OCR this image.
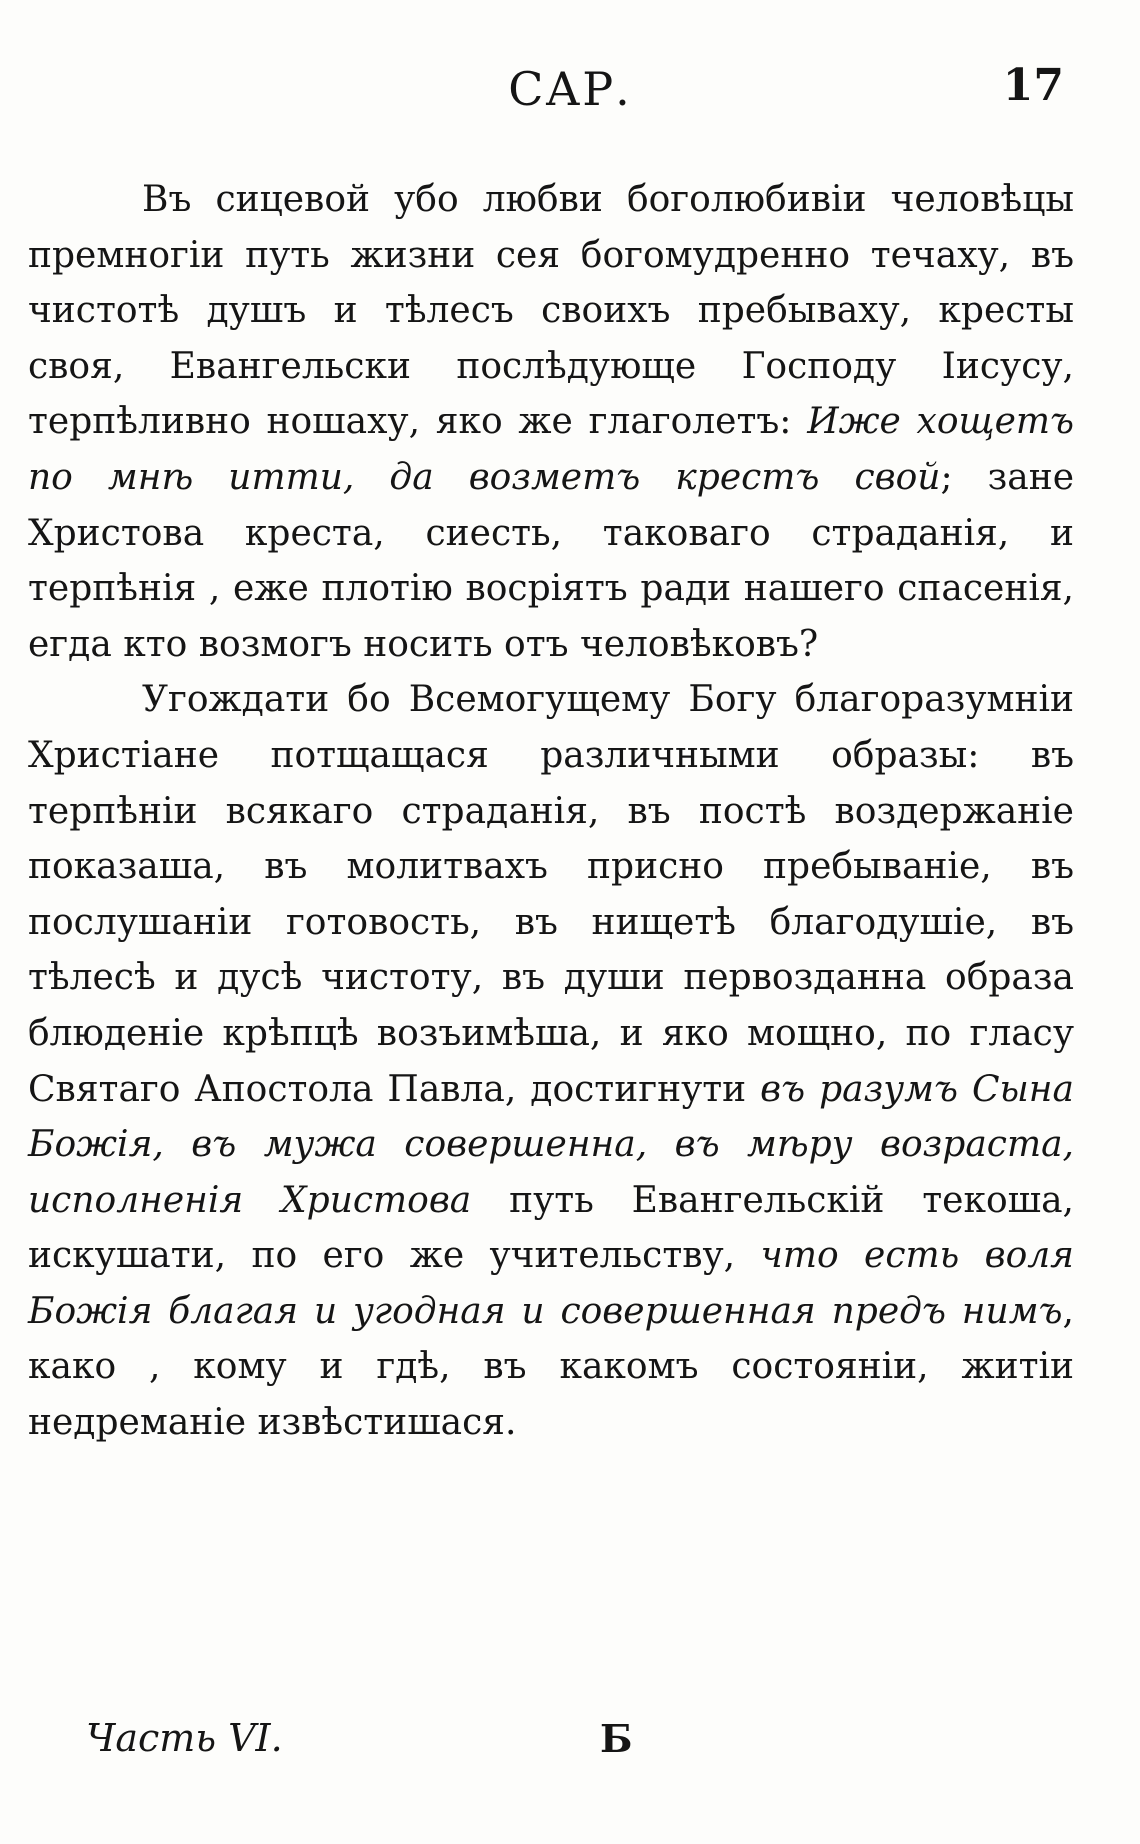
САР.	17

Въ сицевой убо любви боголюбивіи человѣцы премногіи путь жизни сея богомудренно течаху, въ чистотѣ душъ и тѣлесъ своихъ пребываху, кресты своя, Евангельски послѣдующе Господу Іисусу, терпѣливно ношаху, яко же глаголетъ: Иже хощетъ по мнѣ итти, да возметъ крестъ свой; зане Христова креста, сиесть, таковаго страданія, и терпѣнія , еже плотію восріятъ ради нашего спасенія, егда кто возмогъ носить отъ человѣковъ?

Угождати бо Всемогущему Богу благоразумніи Христіане потщащася различными образы: въ терпѣніи всякаго страданія, въ постѣ воздержаніе показаша, въ молитвахъ присно пребываніе, въ послушаніи готовость, въ нищетѣ благодушіе, въ тѣлесѣ и дусѣ чистоту, въ души первозданна образа блюденіе крѣпцѣ возъимѣша, и яко мощно, по гласу Святаго Апостола Павла, достигнути въ разумъ Сына Божія, въ мужа совершенна, въ мѣру возраста, исполненія Христова путь Евангельскій текоша, искушати, по его же учительству, что есть воля Божія благая и угодная и совершенная предъ нимъ, како , кому и гдѣ, въ какомъ состояніи, житіи недреманіе извѣстишася.

Часть VI.	Б
